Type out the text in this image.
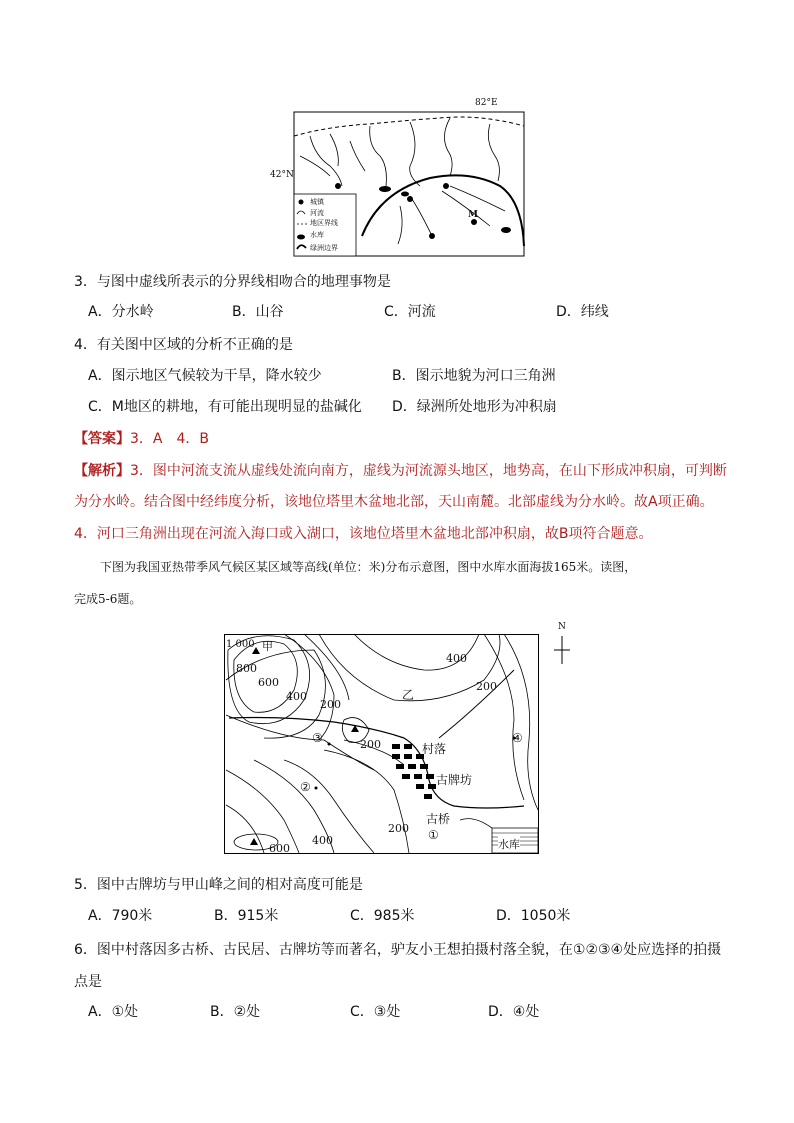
82°E
42°N
M
城镇
河流
地区界线
水库
绿洲边界
3．与图中虚线所表示的分界线相吻合的地理事物是
A．分水岭	B．山谷	C．河流	D．纬线
4．有关图中区域的分析不正确的是
A．图示地区气候较为干旱，降水较少	B．图示地貌为河口三角洲
C．M地区的耕地，有可能出现明显的盐碱化 D．绿洲所处地形为冲积扇
【答案】3．A　4．B
【解析】3．图中河流支流从虚线处流向南方，虚线为河流源头地区，地势高，在山下形成冲积扇，可判断
为分水岭。结合图中经纬度分析，该地位塔里木盆地北部，天山南麓。北部虚线为分水岭。故A项正确。
4．河口三角洲出现在河流入海口或入湖口，该地位塔里木盆地北部冲积扇，故B项符合题意。
下图为我国亚热带季风气候区某区域等高线(单位：米)分布示意图，图中水库水面海拔165米。读图，
完成5-6题。
N
1 000 甲
800
600
400
200
400
200
200
200
400
600
乙
村落
古牌坊
古桥
水库
①
②
③	④
5．图中古牌坊与甲山峰之间的相对高度可能是
A．790米	B．915米	C．985米	D．1050米
6．图中村落因多古桥、古民居、古牌坊等而著名，驴友小王想拍摄村落全貌，在①②③④处应选择的拍摄
点是
A．①处	B．②处	C．③处	D．④处
